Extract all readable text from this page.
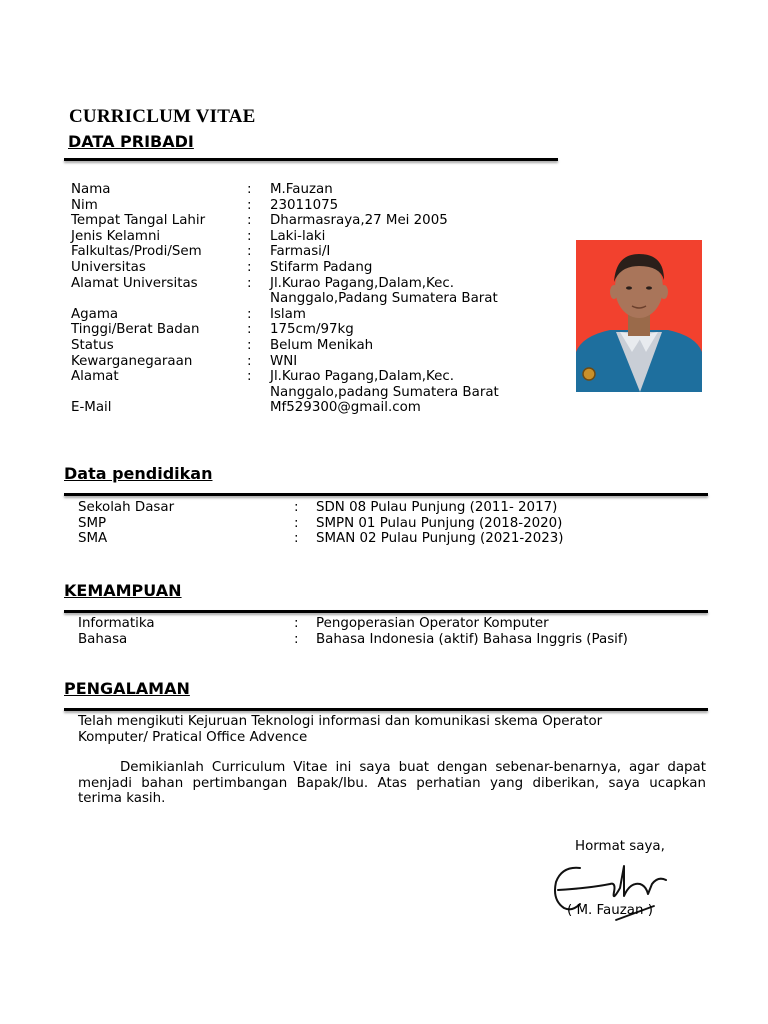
CURRICLUM VITAE
DATA PRIBADI
Nama	: M.Fauzan
Nim	: 23011075
Tempat Tangal Lahir	: Dharmasraya,27 Mei 2005
Jenis Kelamni	: Laki-laki
Falkultas/Prodi/Sem	: Farmasi/I
Universitas	: Stifarm Padang
Alamat Universitas	: Jl.Kurao Pagang,Dalam,Kec.
Nanggalo,Padang Sumatera Barat
Agama	: Islam
Tinggi/Berat Badan	: 175cm/97kg
Status	: Belum Menikah
Kewarganegaraan	: WNI
Alamat	: Jl.Kurao Pagang,Dalam,Kec.
Nanggalo,padang Sumatera Barat
E-Mail	Mf529300@gmail.com
Data pendidikan
Sekolah Dasar	: SDN 08 Pulau Punjung (2011- 2017)
SMP	: SMPN 01 Pulau Punjung (2018-2020)
SMA	: SMAN 02 Pulau Punjung (2021-2023)
KEMAMPUAN
Informatika	: Pengoperasian Operator Komputer
Bahasa	: Bahasa Indonesia (aktif) Bahasa Inggris (Pasif)
PENGALAMAN

Telah mengikuti Kejuruan Teknologi informasi dan komunikasi skema Operator

Komputer/ Pratical Office Advence

Demikianlah Curriculum Vitae ini saya buat dengan sebenar-benarnya, agar dapat

menjadi bahan pertimbangan Bapak/Ibu. Atas perhatian yang diberikan, saya ucapkan

terima kasih.

Hormat saya,
( M. Fauzan )
